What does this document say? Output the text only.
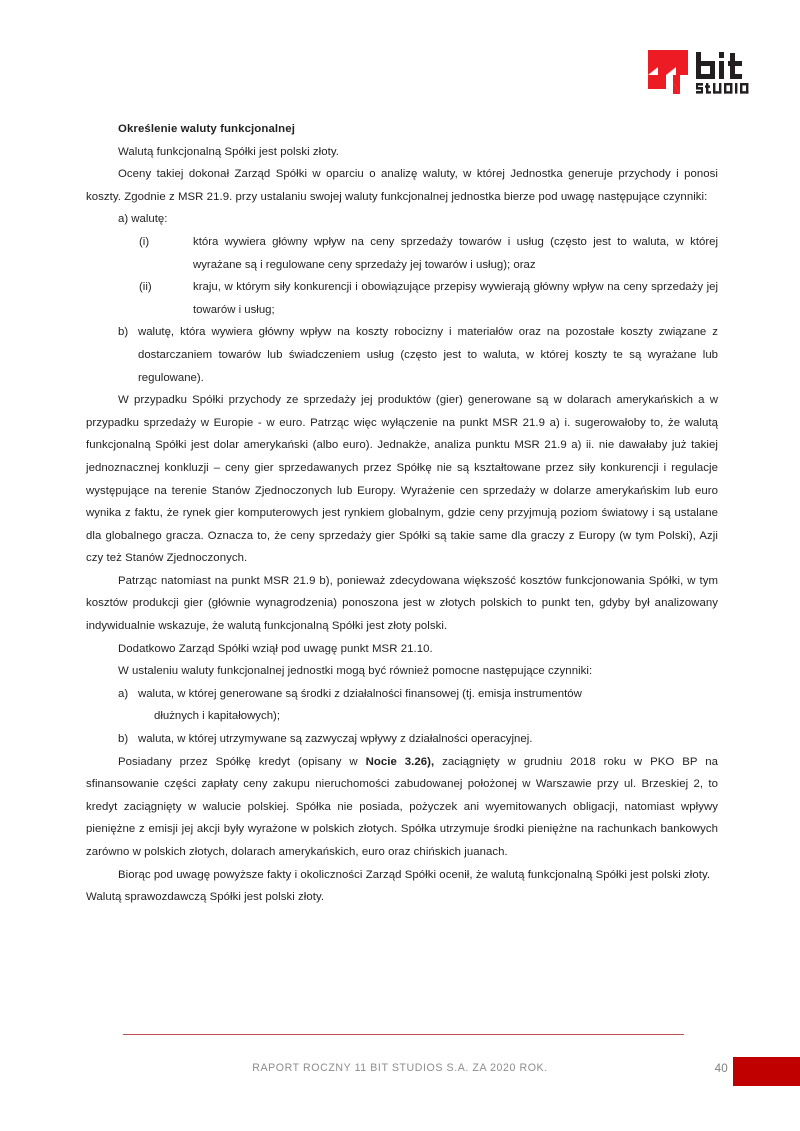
Określenie waluty funkcjonalnej

Walutą funkcjonalną Spółki jest polski złoty.

Oceny takiej dokonał Zarząd Spółki w oparciu o analizę waluty, w której Jednostka generuje przychody i ponosi koszty. Zgodnie z MSR 21.9. przy ustalaniu swojej waluty funkcjonalnej jednostka bierze pod uwagę następujące czynniki:

a) walutę:
(i)	która wywiera główny wpływ na ceny sprzedaży towarów i usług (często jest to waluta, w której wyrażane są i regulowane ceny sprzedaży jej towarów i usług); oraz
(ii)	kraju, w którym siły konkurencji i obowiązujące przepisy wywierają główny wpływ na ceny sprzedaży jej towarów i usług;
b) walutę, która wywiera główny wpływ na koszty robocizny i materiałów oraz na pozostałe koszty związane z dostarczaniem towarów lub świadczeniem usług (często jest to waluta, w której koszty te są wyrażane lub regulowane).

W przypadku Spółki przychody ze sprzedaży jej produktów (gier) generowane są w dolarach amerykańskich a w przypadku sprzedaży w Europie - w euro. Patrząc więc wyłączenie na punkt MSR 21.9 a) i. sugerowałoby to, że walutą funkcjonalną Spółki jest dolar amerykański (albo euro). Jednakże, analiza punktu MSR 21.9 a) ii. nie dawałaby już takiej jednoznacznej konkluzji – ceny gier sprzedawanych przez Spółkę nie są kształtowane przez siły konkurencji i regulacje występujące na terenie Stanów Zjednoczonych lub Europy. Wyrażenie cen sprzedaży w dolarze amerykańskim lub euro wynika z faktu, że rynek gier komputerowych jest rynkiem globalnym, gdzie ceny przyjmują poziom światowy i są ustalane dla globalnego gracza. Oznacza to, że ceny sprzedaży gier Spółki są takie same dla graczy z Europy (w tym Polski), Azji czy też Stanów Zjednoczonych.

Patrząc natomiast na punkt MSR 21.9 b), ponieważ zdecydowana większość kosztów funkcjonowania Spółki, w tym kosztów produkcji gier (głównie wynagrodzenia) ponoszona jest w złotych polskich to punkt ten, gdyby był analizowany indywidualnie wskazuje, że walutą funkcjonalną Spółki jest złoty polski.

Dodatkowo Zarząd Spółki wziął pod uwagę punkt MSR 21.10.

W ustaleniu waluty funkcjonalnej jednostki mogą być również pomocne następujące czynniki:

a) waluta, w której generowane są środki z działalności finansowej (tj. emisja instrumentów
dłużnych i kapitałowych);
b) waluta, w której utrzymywane są zazwyczaj wpływy z działalności operacyjnej.

Posiadany przez Spółkę kredyt (opisany w Nocie 3.26), zaciągnięty w grudniu 2018 roku w PKO BP na sfinansowanie części zapłaty ceny zakupu nieruchomości zabudowanej położonej w Warszawie przy ul. Brzeskiej 2, to kredyt zaciągnięty w walucie polskiej. Spółka nie posiada, pożyczek ani wyemitowanych obligacji, natomiast wpływy pieniężne z emisji jej akcji były wyrażone w polskich złotych. Spółka utrzymuje środki pieniężne na rachunkach bankowych zarówno w polskich złotych, dolarach amerykańskich, euro oraz chińskich juanach.

Biorąc pod uwagę powyższe fakty i okoliczności Zarząd Spółki ocenił, że walutą funkcjonalną Spółki jest polski złoty. Walutą sprawozdawczą Spółki jest polski złoty.

RAPORT ROCZNY 11 BIT STUDIOS S.A. ZA 2020 ROK.	40
